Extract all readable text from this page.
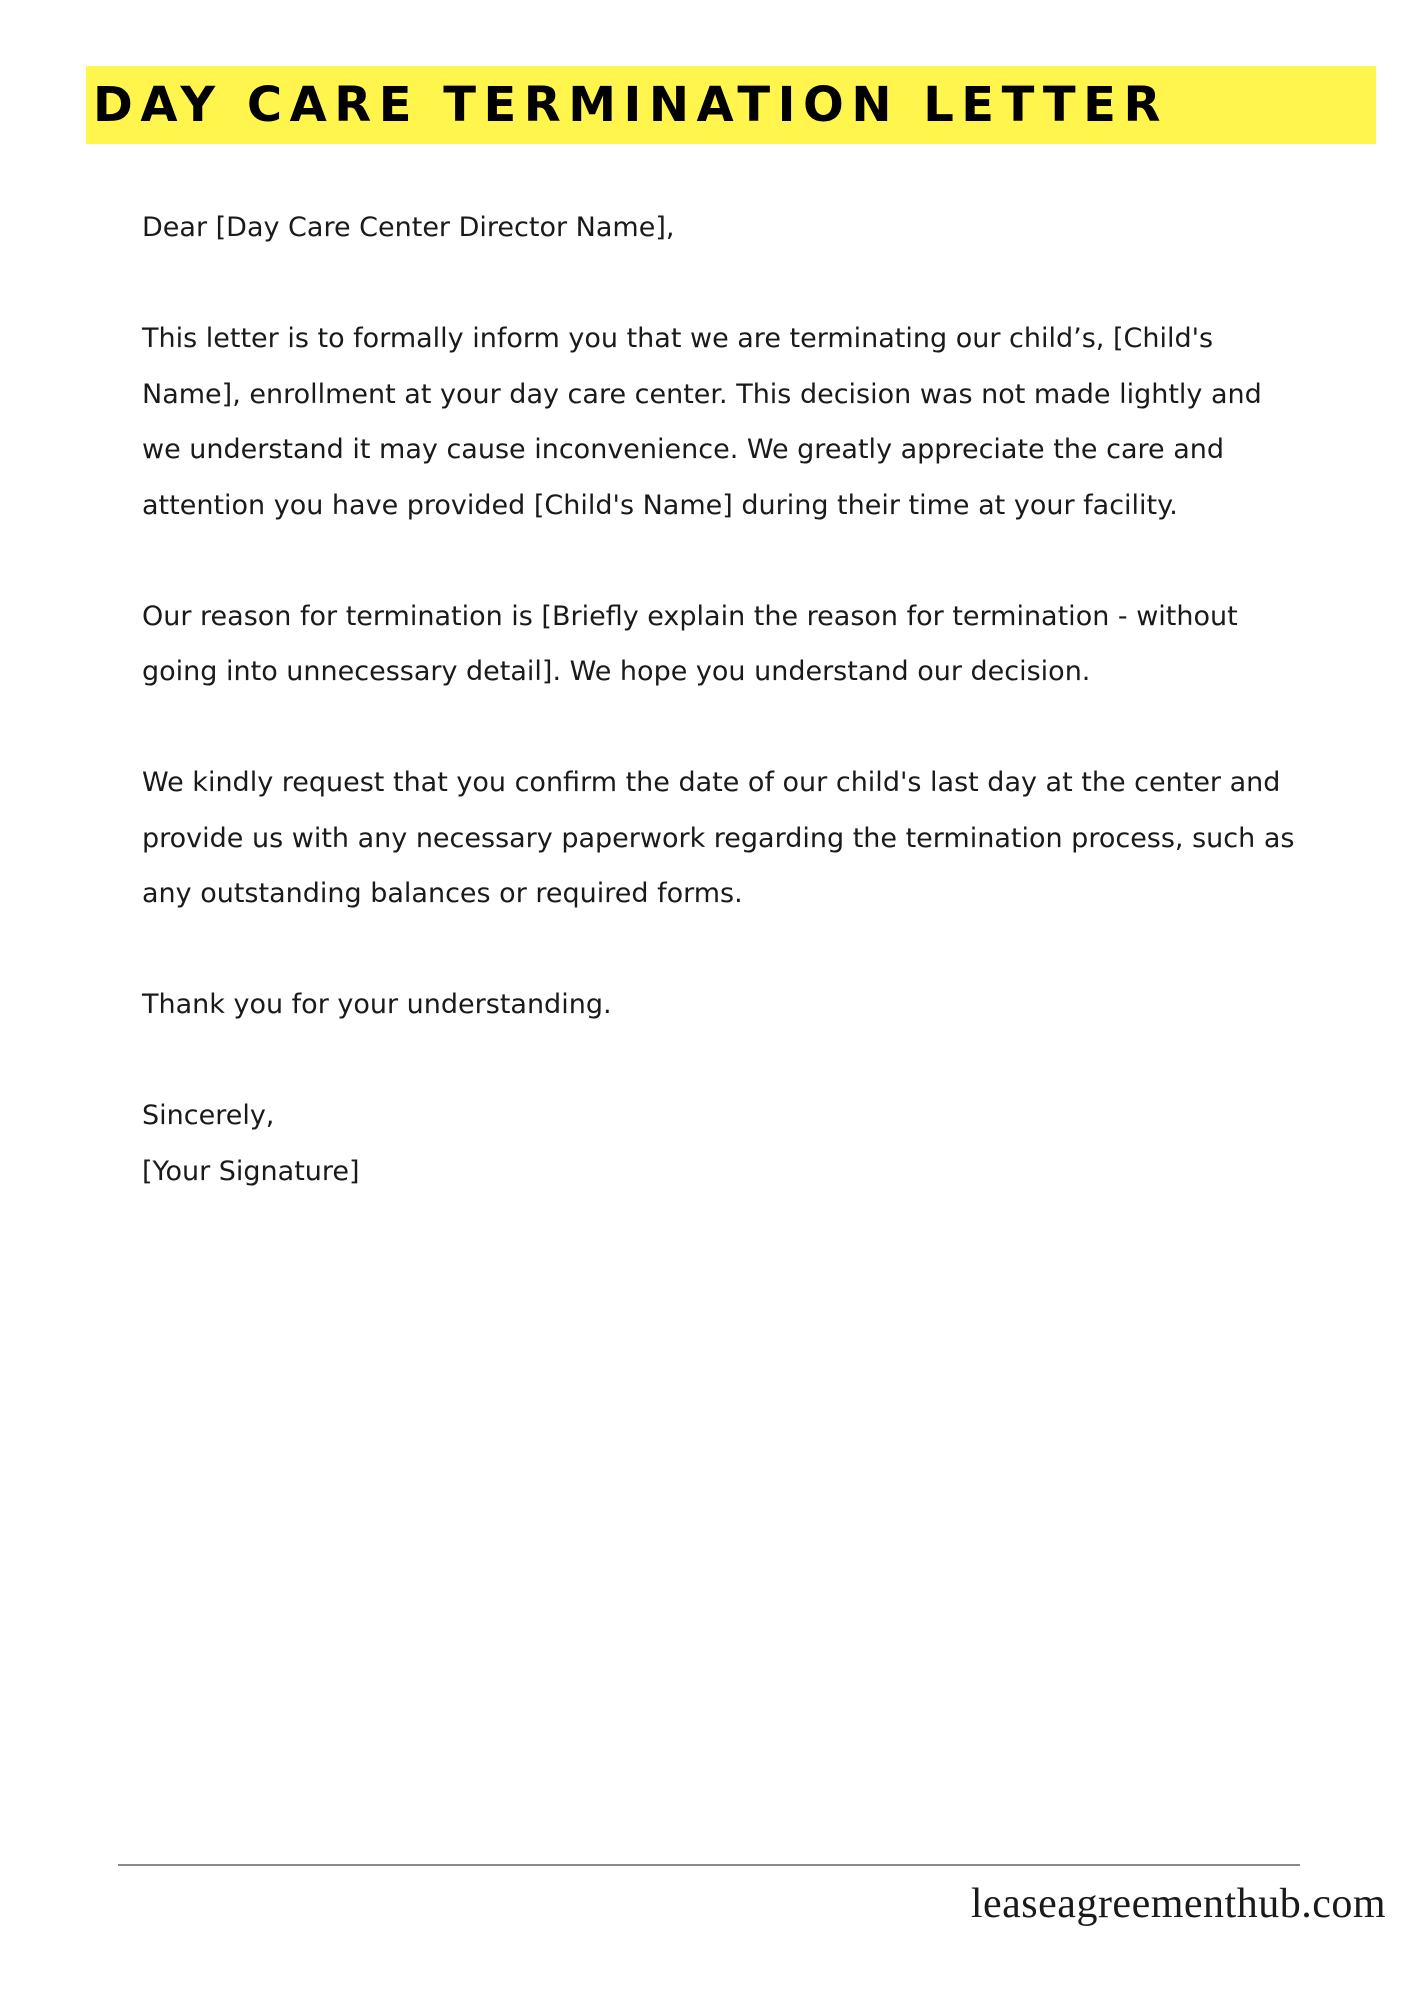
DAY CARE TERMINATION LETTER

Dear [Day Care Center Director Name],

This letter is to formally inform you that we are terminating our child’s, [Child's Name], enrollment at your day care center. This decision was not made lightly and we understand it may cause inconvenience. We greatly appreciate the care and attention you have provided [Child's Name] during their time at your facility.

Our reason for termination is [Briefly explain the reason for termination - without going into unnecessary detail]. We hope you understand our decision.

We kindly request that you confirm the date of our child's last day at the center and provide us with any necessary paperwork regarding the termination process, such as any outstanding balances or required forms.

Thank you for your understanding.

Sincerely,
[Your Signature]
leaseagreementhub.com
